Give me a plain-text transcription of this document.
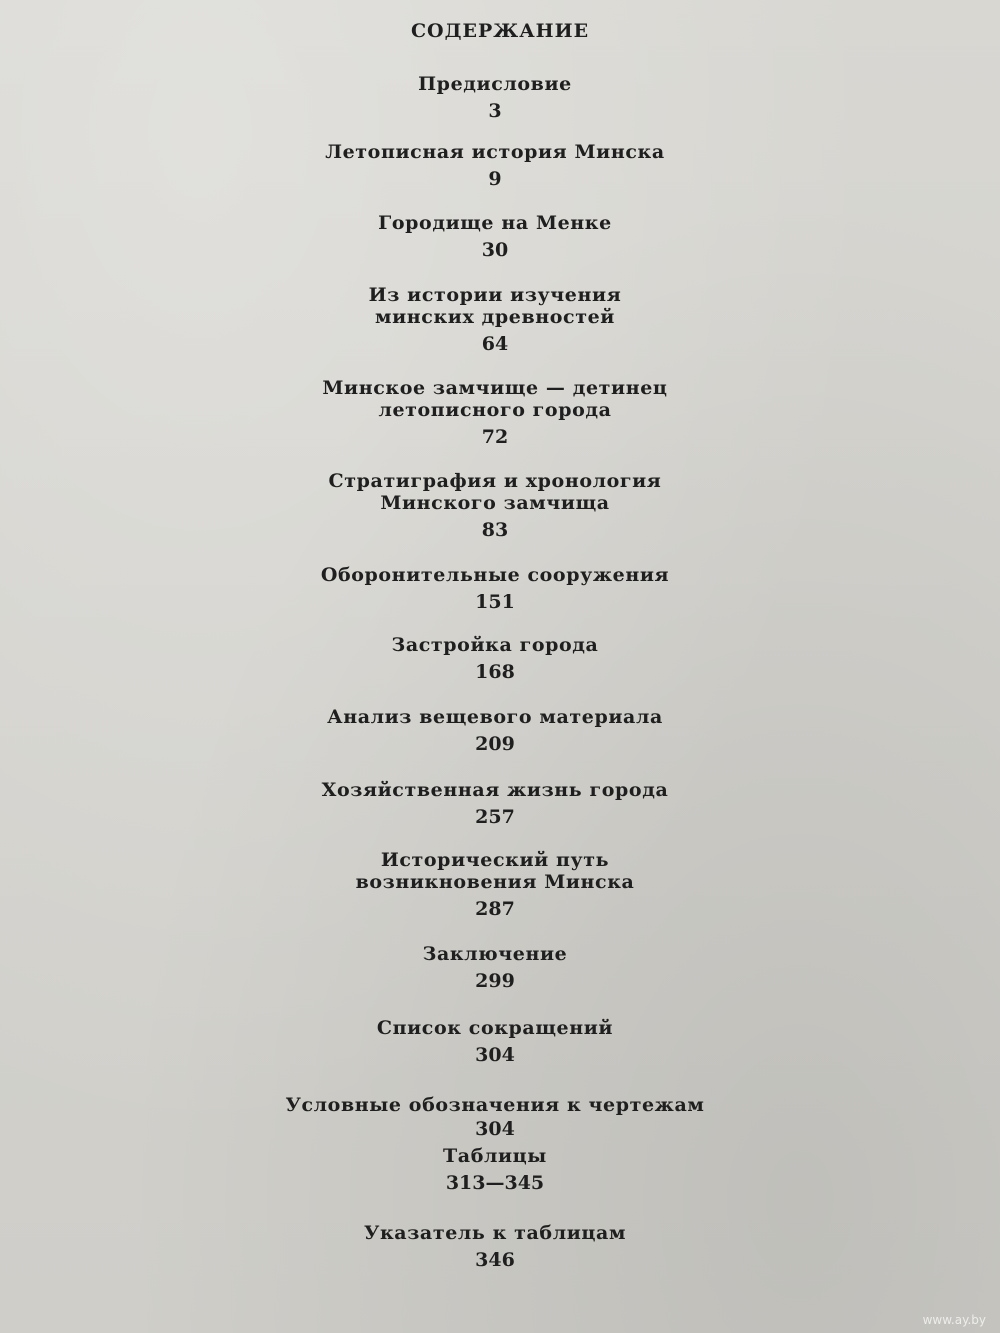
СОДЕРЖАНИЕ
Предисловие
3
Летописная история Минска
9
Городище на Менке
30
Из истории изучения
минских древностей
64
Минское замчище — детинец
летописного города
72
Стратиграфия и хронология
Минского замчища
83
Оборонительные сооружения
151
Застройка города
168
Анализ вещевого материала
209
Хозяйственная жизнь города
257
Исторический путь
возникновения Минска
287
Заключение
299
Список сокращений
304
Условные обозначения к чертежам
304
Таблицы
313—345
Указатель к таблицам
346
www.ay.by
